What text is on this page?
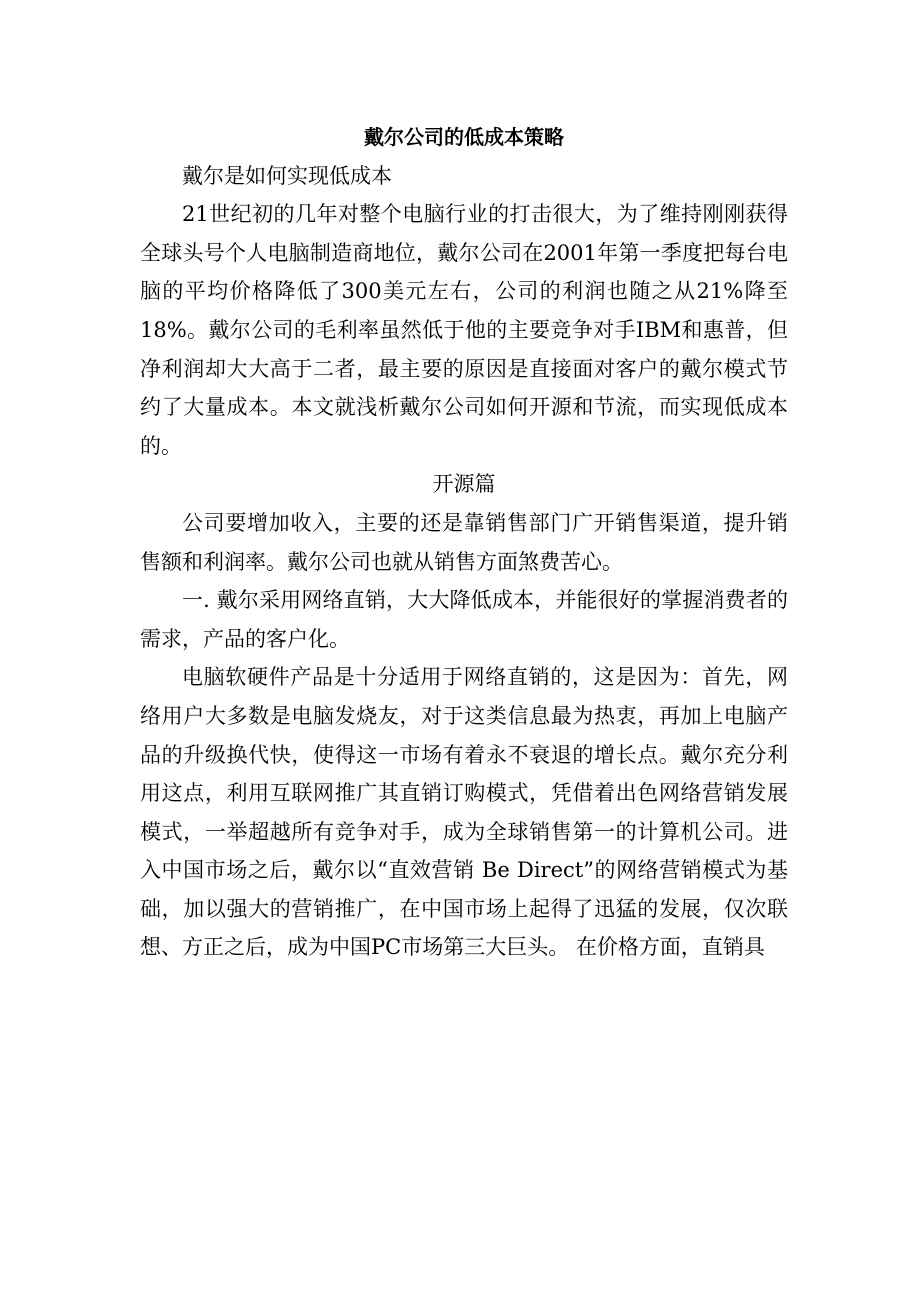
戴尔公司的低成本策略

戴尔是如何实现低成本

21世纪初的几年对整个电脑行业的打击很大，为了维持刚刚获得全球头号个人电脑制造商地位，戴尔公司在2001年第一季度把每台电脑的平均价格降低了300美元左右，公司的利润也随之从21%降至18%。戴尔公司的毛利率虽然低于他的主要竞争对手IBM和惠普，但净利润却大大高于二者，最主要的原因是直接面对客户的戴尔模式节约了大量成本。本文就浅析戴尔公司如何开源和节流，而实现低成本的。

开源篇

公司要增加收入，主要的还是靠销售部门广开销售渠道，提升销售额和利润率。戴尔公司也就从销售方面煞费苦心。

一. 戴尔采用网络直销，大大降低成本，并能很好的掌握消费者的需求，产品的客户化。

电脑软硬件产品是十分适用于网络直销的，这是因为：首先，网络用户大多数是电脑发烧友，对于这类信息最为热衷，再加上电脑产品的升级换代快，使得这一市场有着永不衰退的增长点。戴尔充分利用这点，利用互联网推广其直销订购模式，凭借着出色网络营销发展模式，一举超越所有竞争对手，成为全球销售第一的计算机公司。进入中国市场之后，戴尔以“直效营销 Be Direct”的网络营销模式为基础，加以强大的营销推广，在中国市场上起得了迅猛的发展，仅次联想、方正之后，成为中国PC市场第三大巨头。 在价格方面，直销具
